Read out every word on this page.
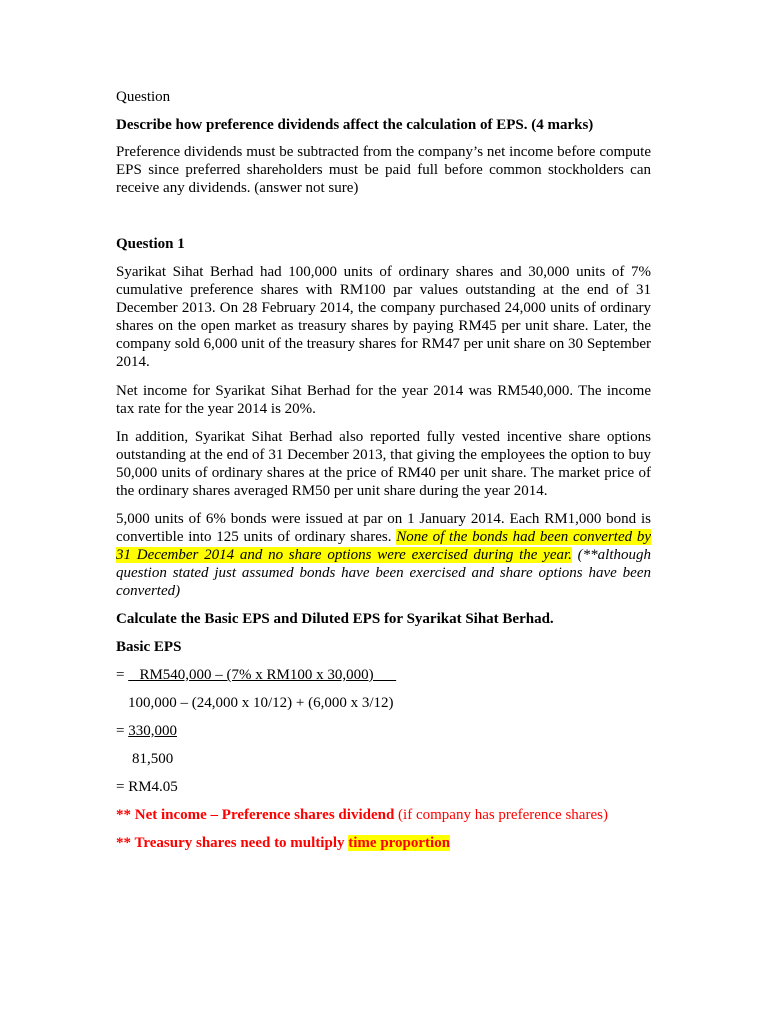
Question
Describe how preference dividends affect the calculation of EPS. (4 marks)

Preference dividends must be subtracted from the company’s net income before compute EPS since preferred shareholders must be paid full before common stockholders can receive any dividends. (answer not sure)

Question 1

Syarikat Sihat Berhad had 100,000 units of ordinary shares and 30,000 units of 7% cumulative preference shares with RM100 par values outstanding at the end of 31 December 2013. On 28 February 2014, the company purchased 24,000 units of ordinary shares on the open market as treasury shares by paying RM45 per unit share. Later, the company sold 6,000 unit of the treasury shares for RM47 per unit share on 30 September 2014.

Net income for Syarikat Sihat Berhad for the year 2014 was RM540,000. The income tax rate for the year 2014 is 20%.

In addition, Syarikat Sihat Berhad also reported fully vested incentive share options outstanding at the end of 31 December 2013, that giving the employees the option to buy 50,000 units of ordinary shares at the price of RM40 per unit share. The market price of the ordinary shares averaged RM50 per unit share during the year 2014.

5,000 units of 6% bonds were issued at par on 1 January 2014. Each RM1,000 bond is convertible into 125 units of ordinary shares. None of the bonds had been converted by 31 December 2014 and no share options were exercised during the year. (**although question stated just assumed bonds have been exercised and share options have been converted)

Calculate the Basic EPS and Diluted EPS for Syarikat Sihat Berhad.
Basic EPS
=    RM540,000 – (7% x RM100 x 30,000)
100,000 – (24,000 x 10/12) + (6,000 x 3/12)
= 330,000
81,500
= RM4.05
** Net income – Preference shares dividend (if company has preference shares)
** Treasury shares need to multiply time proportion
